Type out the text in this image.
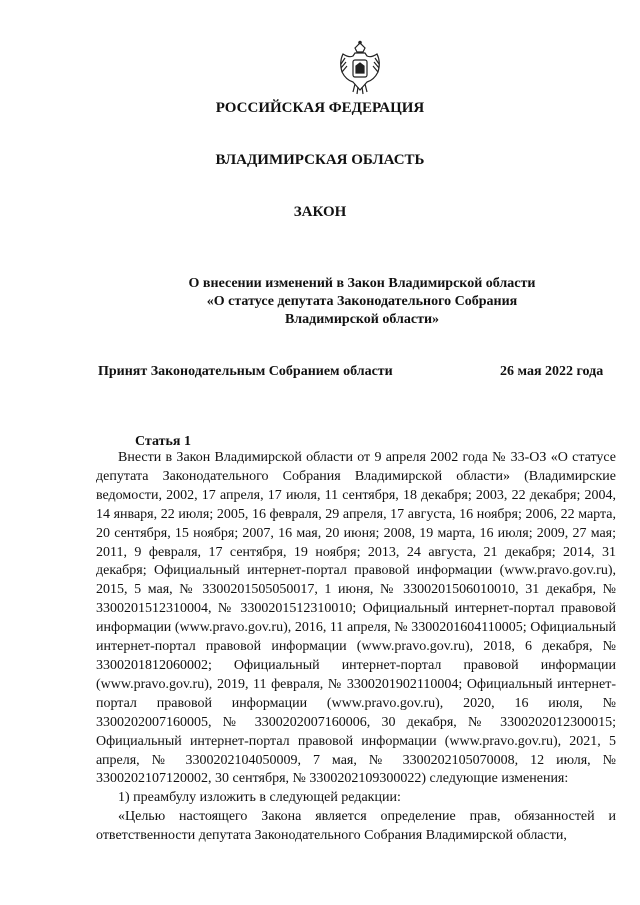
РОССИЙСКАЯ ФЕДЕРАЦИЯ
ВЛАДИМИРСКАЯ ОБЛАСТЬ
ЗАКОН
О внесении изменений в Закон Владимирской области
«О статусе депутата Законодательного Собрания
Владимирской области»
Принят Законодательным Собранием области	26 мая 2022 года
Статья 1

Внести в Закон Владимирской области от 9 апреля 2002 года № 33-ОЗ «О статусе депутата Законодательного Собрания Владимирской области» (Владимирские ведомости, 2002, 17 апреля, 17 июля, 11 сентября, 18 декабря; 2003, 22 декабря; 2004, 14 января, 22 июля; 2005, 16 февраля, 29 апреля, 17 августа, 16 ноября; 2006, 22 марта, 20 сентября, 15 ноября; 2007, 16 мая, 20 июня; 2008, 19 марта, 16 июля; 2009, 27 мая; 2011, 9 февраля, 17 сентября, 19 ноября; 2013, 24 августа, 21 декабря; 2014, 31 декабря; Официальный интернет-портал правовой информации (www.pravo.gov.ru), 2015, 5 мая, № 3300201505050017, 1 июня, № 3300201506010010, 31 декабря, № 3300201512310004, № 3300201512310010; Официальный интернет-портал правовой информации (www.pravo.gov.ru), 2016, 11 апреля, № 3300201604110005; Официальный интернет-портал правовой информации (www.pravo.gov.ru), 2018, 6 декабря, № 3300201812060002; Официальный интернет-портал правовой информации (www.pravo.gov.ru), 2019, 11 февраля, № 3300201902110004; Официальный интернет-портал правовой информации (www.pravo.gov.ru), 2020, 16 июля, № 3300202007160005, № 3300202007160006, 30 декабря, № 3300202012300015; Официальный интернет-портал правовой информации (www.pravo.gov.ru), 2021, 5 апреля, № 3300202104050009, 7 мая, № 3300202105070008, 12 июля, № 3300202107120002, 30 сентября, № 3300202109300022) следующие изменения:

1) преамбулу изложить в следующей редакции:

«Целью настоящего Закона является определение прав, обязанностей и ответственности депутата Законодательного Собрания Владимирской области,
